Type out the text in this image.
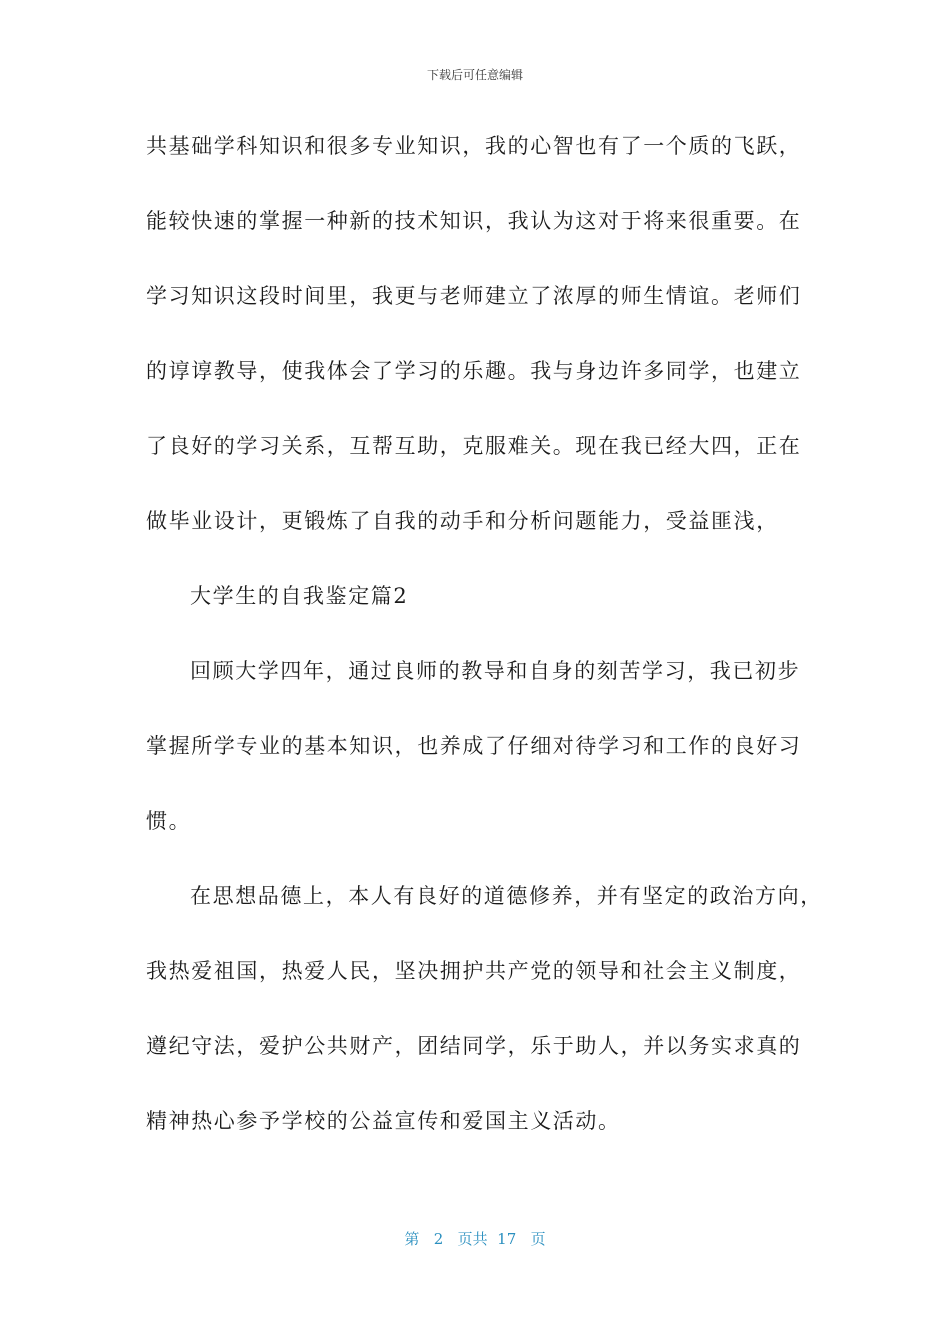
下载后可任意编辑
共基础学科知识和很多专业知识，我的心智也有了一个质的飞跃，
能较快速的掌握一种新的技术知识，我认为这对于将来很重要。在
学习知识这段时间里，我更与老师建立了浓厚的师生情谊。老师们
的谆谆教导，使我体会了学习的乐趣。我与身边许多同学，也建立
了良好的学习关系，互帮互助，克服难关。现在我已经大四，正在
做毕业设计，更锻炼了自我的动手和分析问题能力，受益匪浅，
大学生的自我鉴定篇2
回顾大学四年，通过良师的教导和自身的刻苦学习，我已初步
掌握所学专业的基本知识，也养成了仔细对待学习和工作的良好习
惯。
在思想品德上，本人有良好的道德修养，并有坚定的政治方向，
我热爱祖国，热爱人民，坚决拥护共产党的领导和社会主义制度，
遵纪守法，爱护公共财产，团结同学，乐于助人，并以务实求真的
精神热心参予学校的公益宣传和爱国主义活动。
第 2 页共 17 页
